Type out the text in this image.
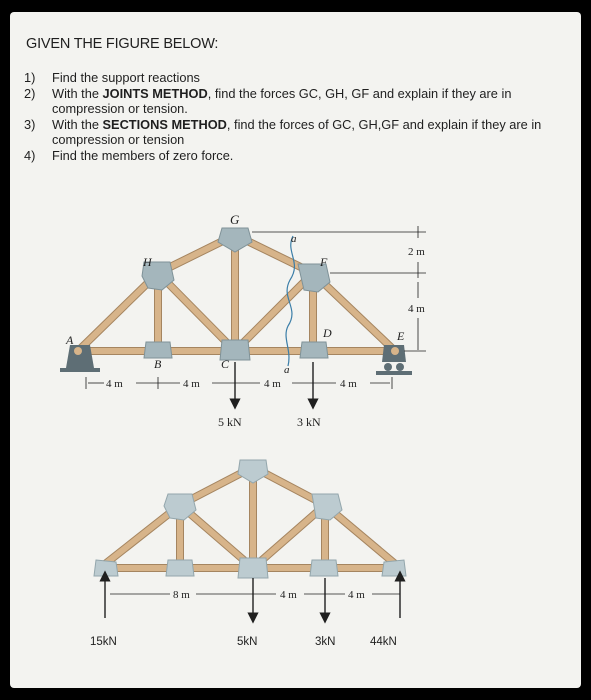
GIVEN THE FIGURE BELOW:
1)	Find the support reactions
2)	With the JOINTS METHOD, find the forces GC, GH, GF and explain if they are in compression or tension.
3)	With the SECTIONS METHOD, find the forces of GC, GH,GF and explain if they are in compression or tension
4)	Find the members of zero force.
G
H	F
A
B	C
D	E
a
a
4 m	4 m	4 m	4 m
2 m
4 m
5 kN	3 kN
8 m	4 m	4 m
15kN	5kN	3kN	44kN
